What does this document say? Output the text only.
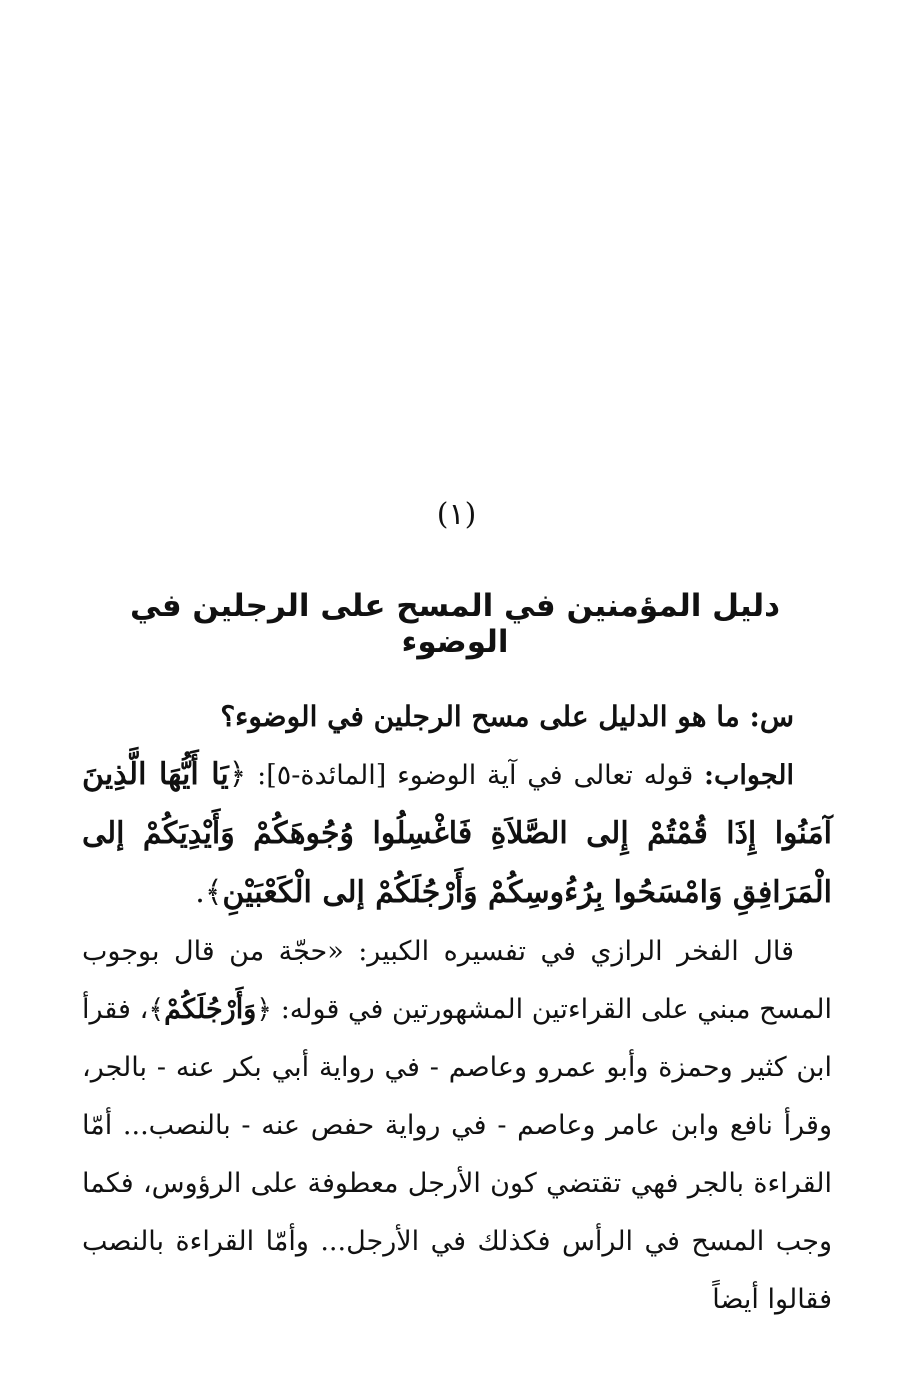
(١)
دليل المؤمنين في المسح على الرجلين في الوضوء

س: ما هو الدليل على مسح الرجلين في الوضوء؟

الجواب: قوله تعالى في آية الوضوء [المائدة-٥]: ﴿يَا أَيُّهَا الَّذِينَ آمَنُوا إِذَا قُمْتُمْ إِلى الصَّلاَةِ فَاغْسِلُوا وُجُوهَكُمْ وَأَيْدِيَكُمْ إلى الْمَرَافِقِ وَامْسَحُوا بِرُءُوسِكُمْ وَأَرْجُلَكُمْ إلى الْكَعْبَيْنِ﴾.

قال الفخر الرازي في تفسيره الكبير: «حجّة من قال بوجوب المسح مبني على القراءتين المشهورتين في قوله: ﴿وَأَرْجُلَكُمْ﴾، فقرأ ابن كثير وحمزة وأبو عمرو وعاصم - في رواية أبي بكر عنه - بالجر، وقرأ نافع وابن عامر وعاصم - في رواية حفص عنه - بالنصب... أمّا القراءة بالجر فهي تقتضي كون الأرجل معطوفة على الرؤوس، فكما وجب المسح في الرأس فكذلك في الأرجل... وأمّا القراءة بالنصب فقالوا أيضاً
